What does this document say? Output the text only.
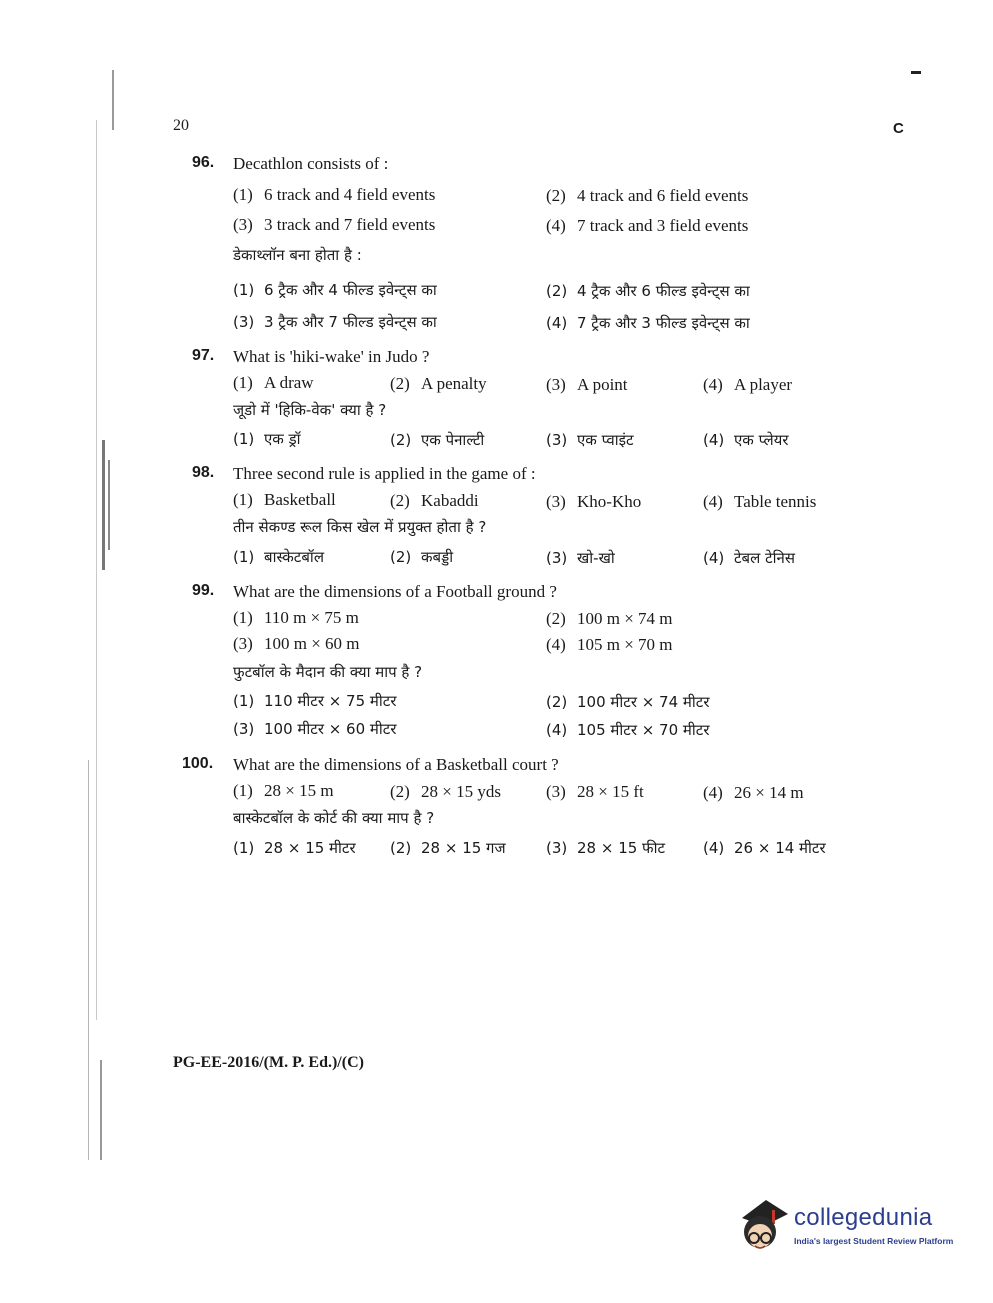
20	C
96. Decathlon consists of :
(1) 6 track and 4 field events	(2) 4 track and 6 field events
(3) 3 track and 7 field events	(4) 7 track and 3 field events
डेकाथ्लॉन बना होता है :
(1) 6 ट्रैक और 4 फील्ड इवेन्ट्स का	(2) 4 ट्रैक और 6 फील्ड इवेन्ट्स का
(3) 3 ट्रैक और 7 फील्ड इवेन्ट्स का	(4) 7 ट्रैक और 3 फील्ड इवेन्ट्स का
97. What is 'hiki-wake' in Judo ?
(1) A draw	(2) A penalty	(3) A point	(4) A player
जूडो में 'हिकि-वेक' क्या है ?
(1) एक ड्रॉ	(2) एक पेनाल्टी	(3) एक प्वाइंट	(4) एक प्लेयर
98. Three second rule is applied in the game of :
(1) Basketball	(2) Kabaddi	(3) Kho-Kho	(4) Table tennis
तीन सेकण्ड रूल किस खेल में प्रयुक्त होता है ?
(1) बास्केटबॉल	(2) कबड्डी	(3) खो-खो	(4) टेबल टेनिस
99. What are the dimensions of a Football ground ?
(1) 110 m × 75 m	(2) 100 m × 74 m
(3) 100 m × 60 m	(4) 105 m × 70 m
फुटबॉल के मैदान की क्या माप है ?
(1) 110 मीटर × 75 मीटर	(2) 100 मीटर × 74 मीटर
(3) 100 मीटर × 60 मीटर	(4) 105 मीटर × 70 मीटर
100. What are the dimensions of a Basketball court ?
(1) 28 × 15 m	(2) 28 × 15 yds	(3) 28 × 15 ft	(4) 26 × 14 m
बास्केटबॉल के कोर्ट की क्या माप है ?
(1) 28 × 15 मीटर (2) 28 × 15 गज	(3) 28 × 15 फीट	(4) 26 × 14 मीटर
PG-EE-2016/(M. P. Ed.)/(C)
collegedunia
India's largest Student Review Platform
